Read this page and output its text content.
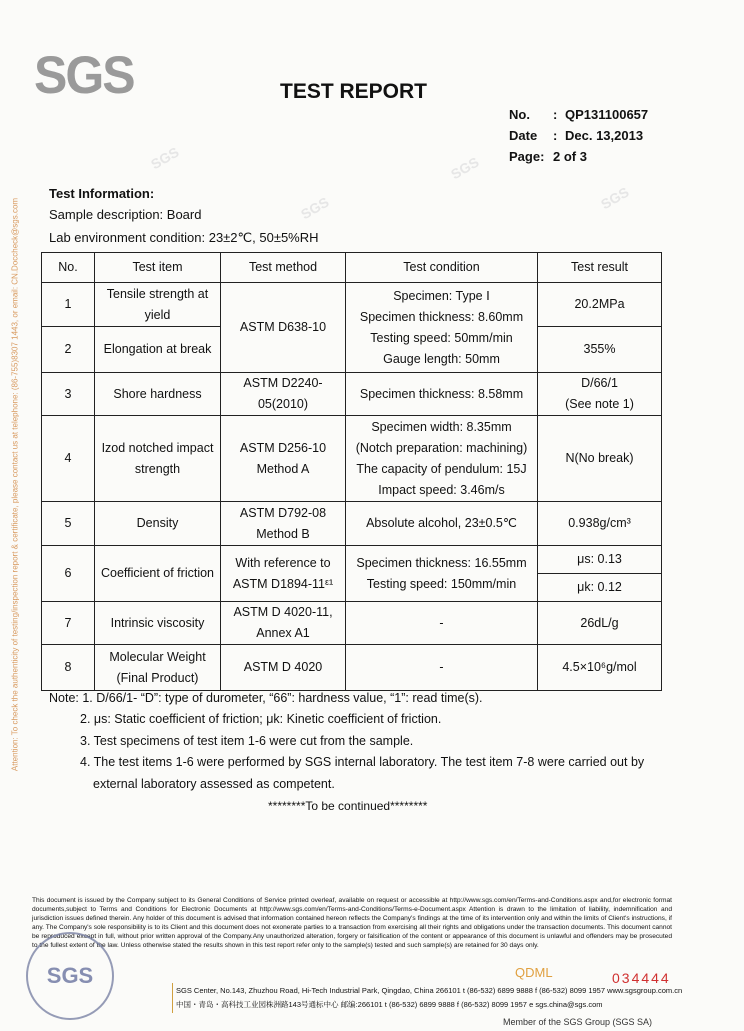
SGS
SGS
SGS
SGS
SGS	TEST REPORT
No. : QP131100657
Date : Dec. 13,2013
Page: 2 of 3
Attention: To check the authenticity of testing/inspection report & certificate, please contact us at telephone: (86-755)8307 1443, or email: CN.Doccheck@sgs.com
Test Information:
Sample description: Board
Lab environment condition: 23±2℃, 50±5%RH
No.	Test item	Test method	Test condition	Test result
1	Tensile strength at yield	ASTM D638-10	Specimen: Type Ⅰ
Specimen thickness: 8.60mm
Testing speed: 50mm/min
Gauge length: 50mm	20.2MPa
2	Elongation at break			355%
3	Shore hardness	ASTM D2240-05(2010)	Specimen thickness: 8.58mm	D/66/1
(See note 1)

4	Izod notched impact strength	ASTM D256-10 Method A	Specimen width: 8.35mm
(Notch preparation: machining)
The capacity of pendulum: 15J
Impact speed: 3.46m/s	N(No break)
5	Density	ASTM D792-08 Method B	Absolute alcohol, 23±0.5℃	0.938g/cm³
6	Coefficient of friction	With reference to ASTM D1894-11ᵋ¹	Specimen thickness: 16.55mm
Testing speed: 150mm/min	μs: 0.13
				μk: 0.12
7	Intrinsic viscosity	ASTM D 4020-11, Annex A1	-	26dL/g
8	Molecular Weight (Final Product)	ASTM D 4020	-	4.5×10⁶g/mol
Note: 1. D/66/1- “D”: type of durometer, “66”: hardness value, “1”: read time(s).
2. μs: Static coefficient of friction; μk: Kinetic coefficient of friction.
3. Test specimens of test item 1-6 were cut from the sample.
4. The test items 1-6 were performed by SGS internal laboratory. The test item 7-8 were carried out by
external laboratory assessed as competent.
********To be continued********
This document is issued by the Company subject to its General Conditions of Service printed overleaf, available on request or accessible at http://www.sgs.com/en/Terms-and-Conditions.aspx and,for electronic format documents,subject to Terms and Conditions for Electronic Documents at http://www.sgs.com/en/Terms-and-Conditions/Terms-e-Document.aspx Attention is drawn to the limitation of liability, indemnification and jurisdiction issues defined therein. Any holder of this document is advised that information contained hereon reflects the Company's findings at the time of its intervention only and within the limits of Client's instructions, if any. The Company's sole responsibility is to its Client and this document does not exonerate parties to a transaction from exercising all their rights and obligations under the transaction documents. This document cannot be reproduced except in full, without prior written approval of the Company.Any unauthorized alteration, forgery or falsification of the content or appearance of this document is unlawful and offenders may be prosecuted to the fullest extent of the law. Unless otherwise stated the results shown in this test report refer only to the sample(s) tested and such sample(s) are retained for 30 days only.
SGS	QDML	034444
SGS Center, No.143, Zhuzhou Road, Hi-Tech Industrial Park, Qingdao, China 266101 t (86-532) 6899 9888 f (86-532) 8099 1957 www.sgsgroup.com.cn
中国・青岛・高科技工业园株洲路143号通标中心 邮编:266101 t (86-532) 6899 9888 f (86-532) 8099 1957 e sgs.china@sgs.com
Member of the SGS Group (SGS SA)
